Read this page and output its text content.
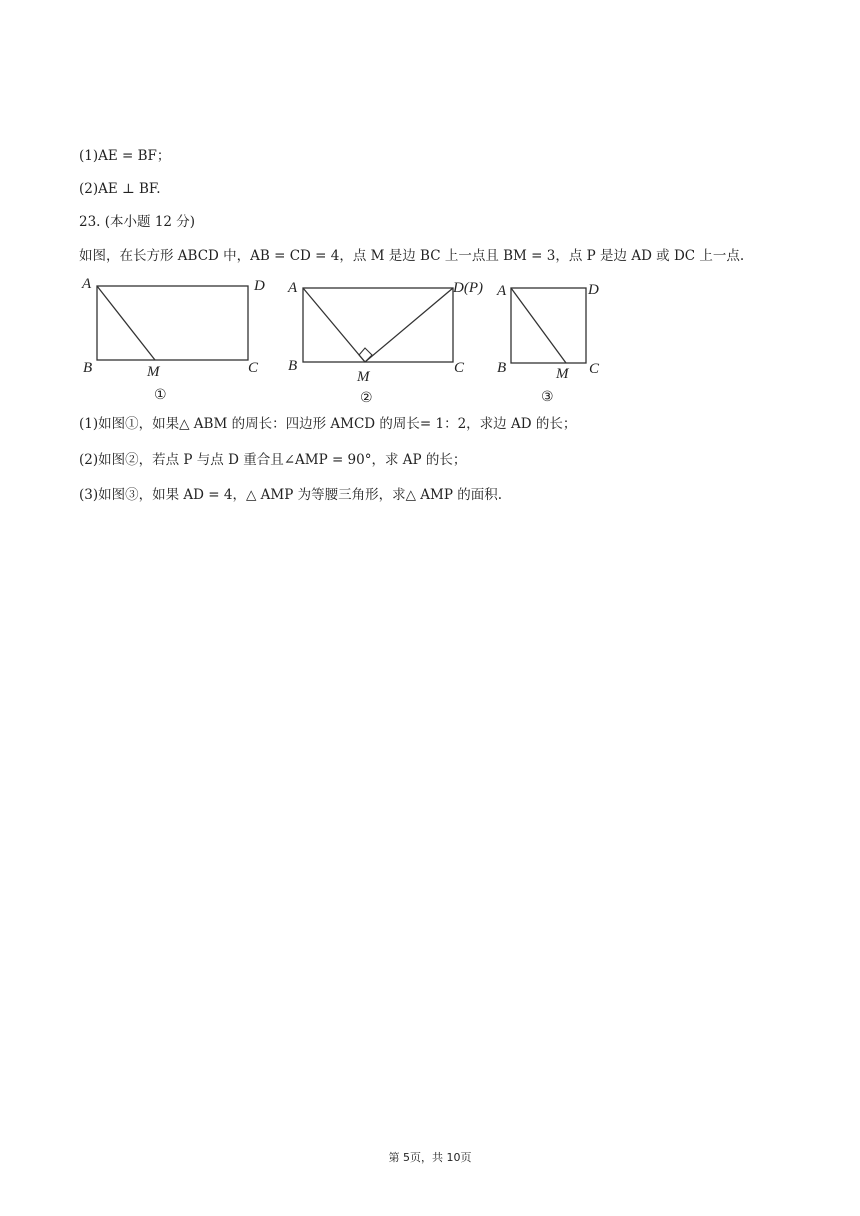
(1)AE = BF；
(2)AE ⊥ BF.
23. (本小题 12 分)
如图，在长方形 ABCD 中，AB = CD = 4，点 M 是边 BC 上一点且 BM = 3，点 P 是边 AD 或 DC 上一点.
A	D
B	C
M
①
A	D(P)
B	C
M
②
A	D
B	C
M
③
(1)如图①，如果△ ABM 的周长：四边形 AMCD 的周长= 1：2，求边 AD 的长；
(2)如图②，若点 P 与点 D 重合且∠AMP = 90°，求 AP 的长；
(3)如图③，如果 AD = 4，△ AMP 为等腰三角形，求△ AMP 的面积.
第 5页，共 10页
